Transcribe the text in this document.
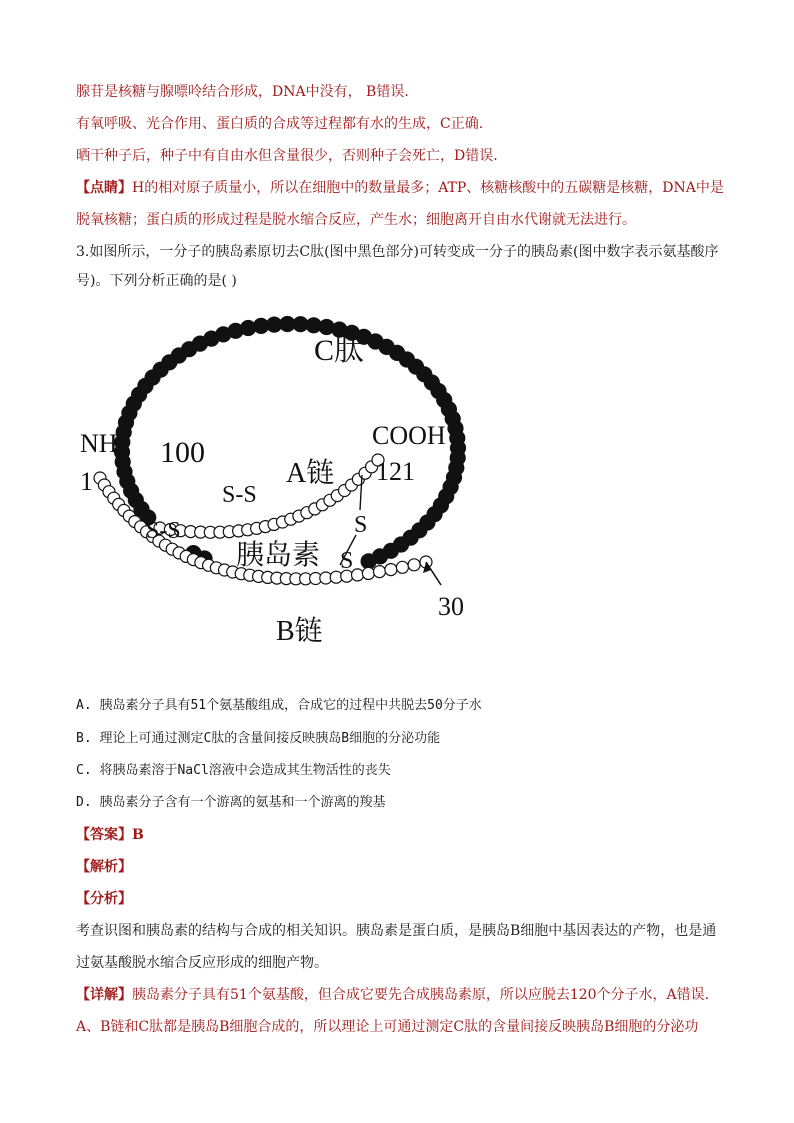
腺苷是核糖与腺嘌呤结合形成，DNA中没有， B错误.
有氧呼吸、光合作用、蛋白质的合成等过程都有水的生成，C正确.
晒干种子后，种子中有自由水但含量很少，否则种子会死亡，D错误.
【点睛】H的相对原子质量小，所以在细胞中的数量最多；ATP、核糖核酸中的五碳糖是核糖，DNA中是
脱氧核糖；蛋白质的形成过程是脱水缩合反应，产生水；细胞离开自由水代谢就无法进行。
3.如图所示，一分子的胰岛素原切去C肽(图中黑色部分)可转变成一分子的胰岛素(图中数字表示氨基酸序
号)。下列分析正确的是( )
C肽
NH2
1
100
COOH
121
S-S
S-S
A链
S
S
胰岛素
30
B链
A. 胰岛素分子具有51个氨基酸组成，合成它的过程中共脱去50分子水
B. 理论上可通过测定C肽的含量间接反映胰岛B细胞的分泌功能
C. 将胰岛素溶于NaCl溶液中会造成其生物活性的丧失
D. 胰岛素分子含有一个游离的氨基和一个游离的羧基
【答案】B
【解析】
【分析】
考查识图和胰岛素的结构与合成的相关知识。胰岛素是蛋白质，是胰岛B细胞中基因表达的产物，也是通
过氨基酸脱水缩合反应形成的细胞产物。
【详解】胰岛素分子具有51个氨基酸，但合成它要先合成胰岛素原，所以应脱去120个分子水，A错误.
A、B链和C肽都是胰岛B细胞合成的，所以理论上可通过测定C肽的含量间接反映胰岛B细胞的分泌功
